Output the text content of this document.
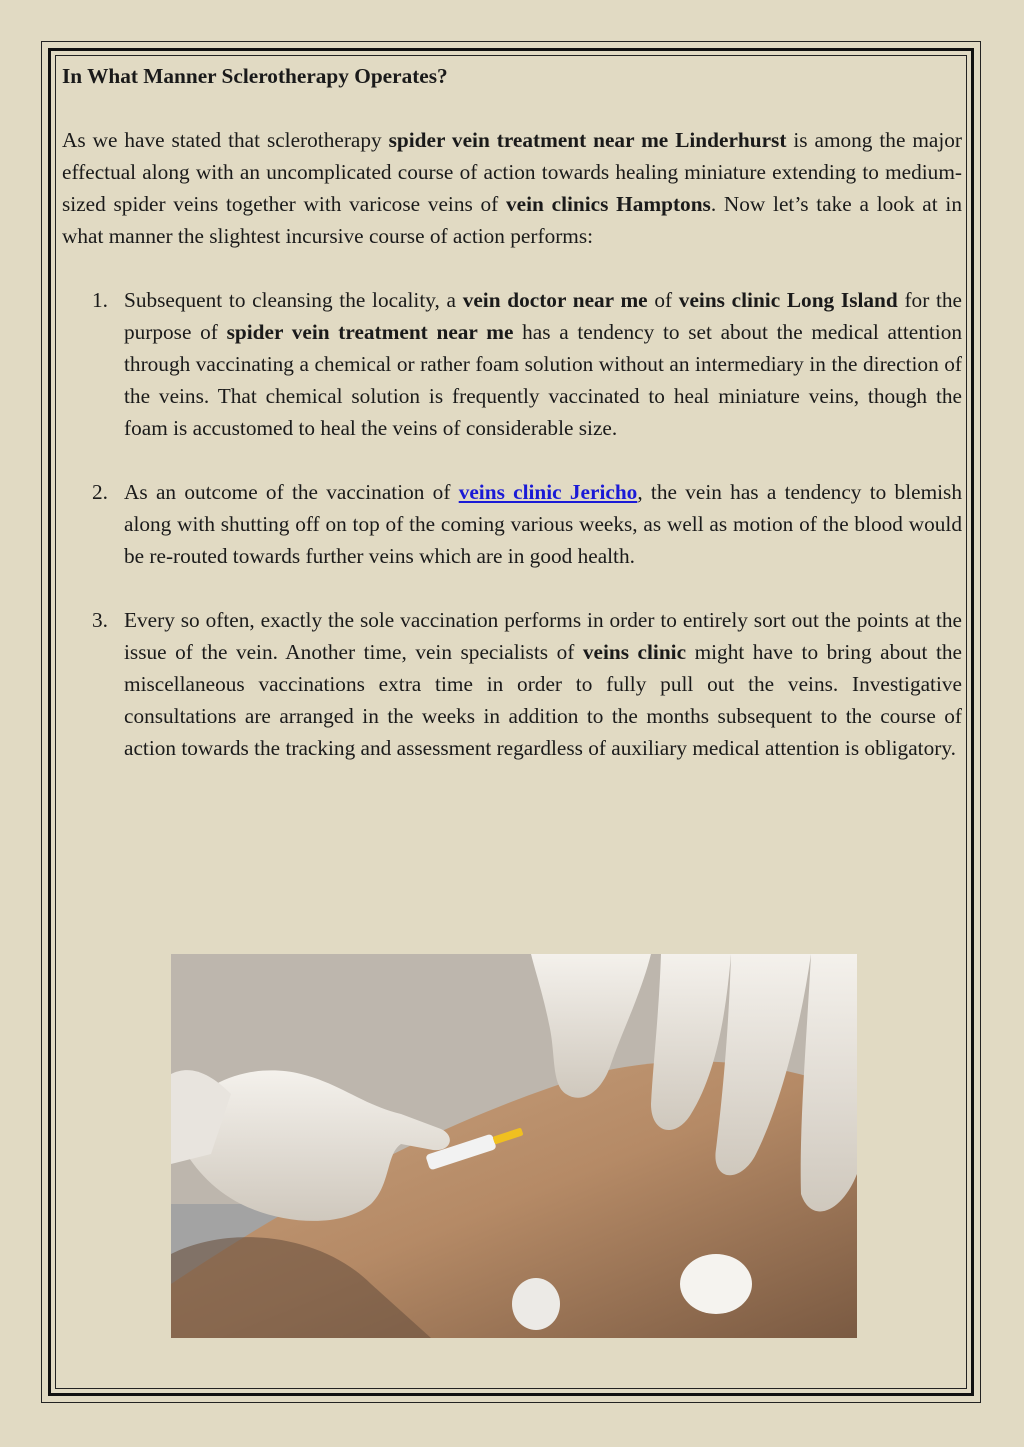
In What Manner Sclerotherapy Operates?

As we have stated that sclerotherapy spider vein treatment near me Linderhurst is among the major effectual along with an uncomplicated course of action towards healing miniature extending to medium-sized spider veins together with varicose veins of vein clinics Hamptons. Now let’s take a look at in what manner the slightest incursive course of action performs:

1. Subsequent to cleansing the locality, a vein doctor near me of veins clinic Long Island for the purpose of spider vein treatment near me has a tendency to set about the medical attention through vaccinating a chemical or rather foam solution without an intermediary in the direction of the veins. That chemical solution is frequently vaccinated to heal miniature veins, though the foam is accustomed to heal the veins of considerable size.
2. As an outcome of the vaccination of veins clinic Jericho, the vein has a tendency to blemish along with shutting off on top of the coming various weeks, as well as motion of the blood would be re-routed towards further veins which are in good health.
3. Every so often, exactly the sole vaccination performs in order to entirely sort out the points at the issue of the vein. Another time, vein specialists of veins clinic might have to bring about the miscellaneous vaccinations extra time in order to fully pull out the veins. Investigative consultations are arranged in the weeks in addition to the months subsequent to the course of action towards the tracking and assessment regardless of auxiliary medical attention is obligatory.
